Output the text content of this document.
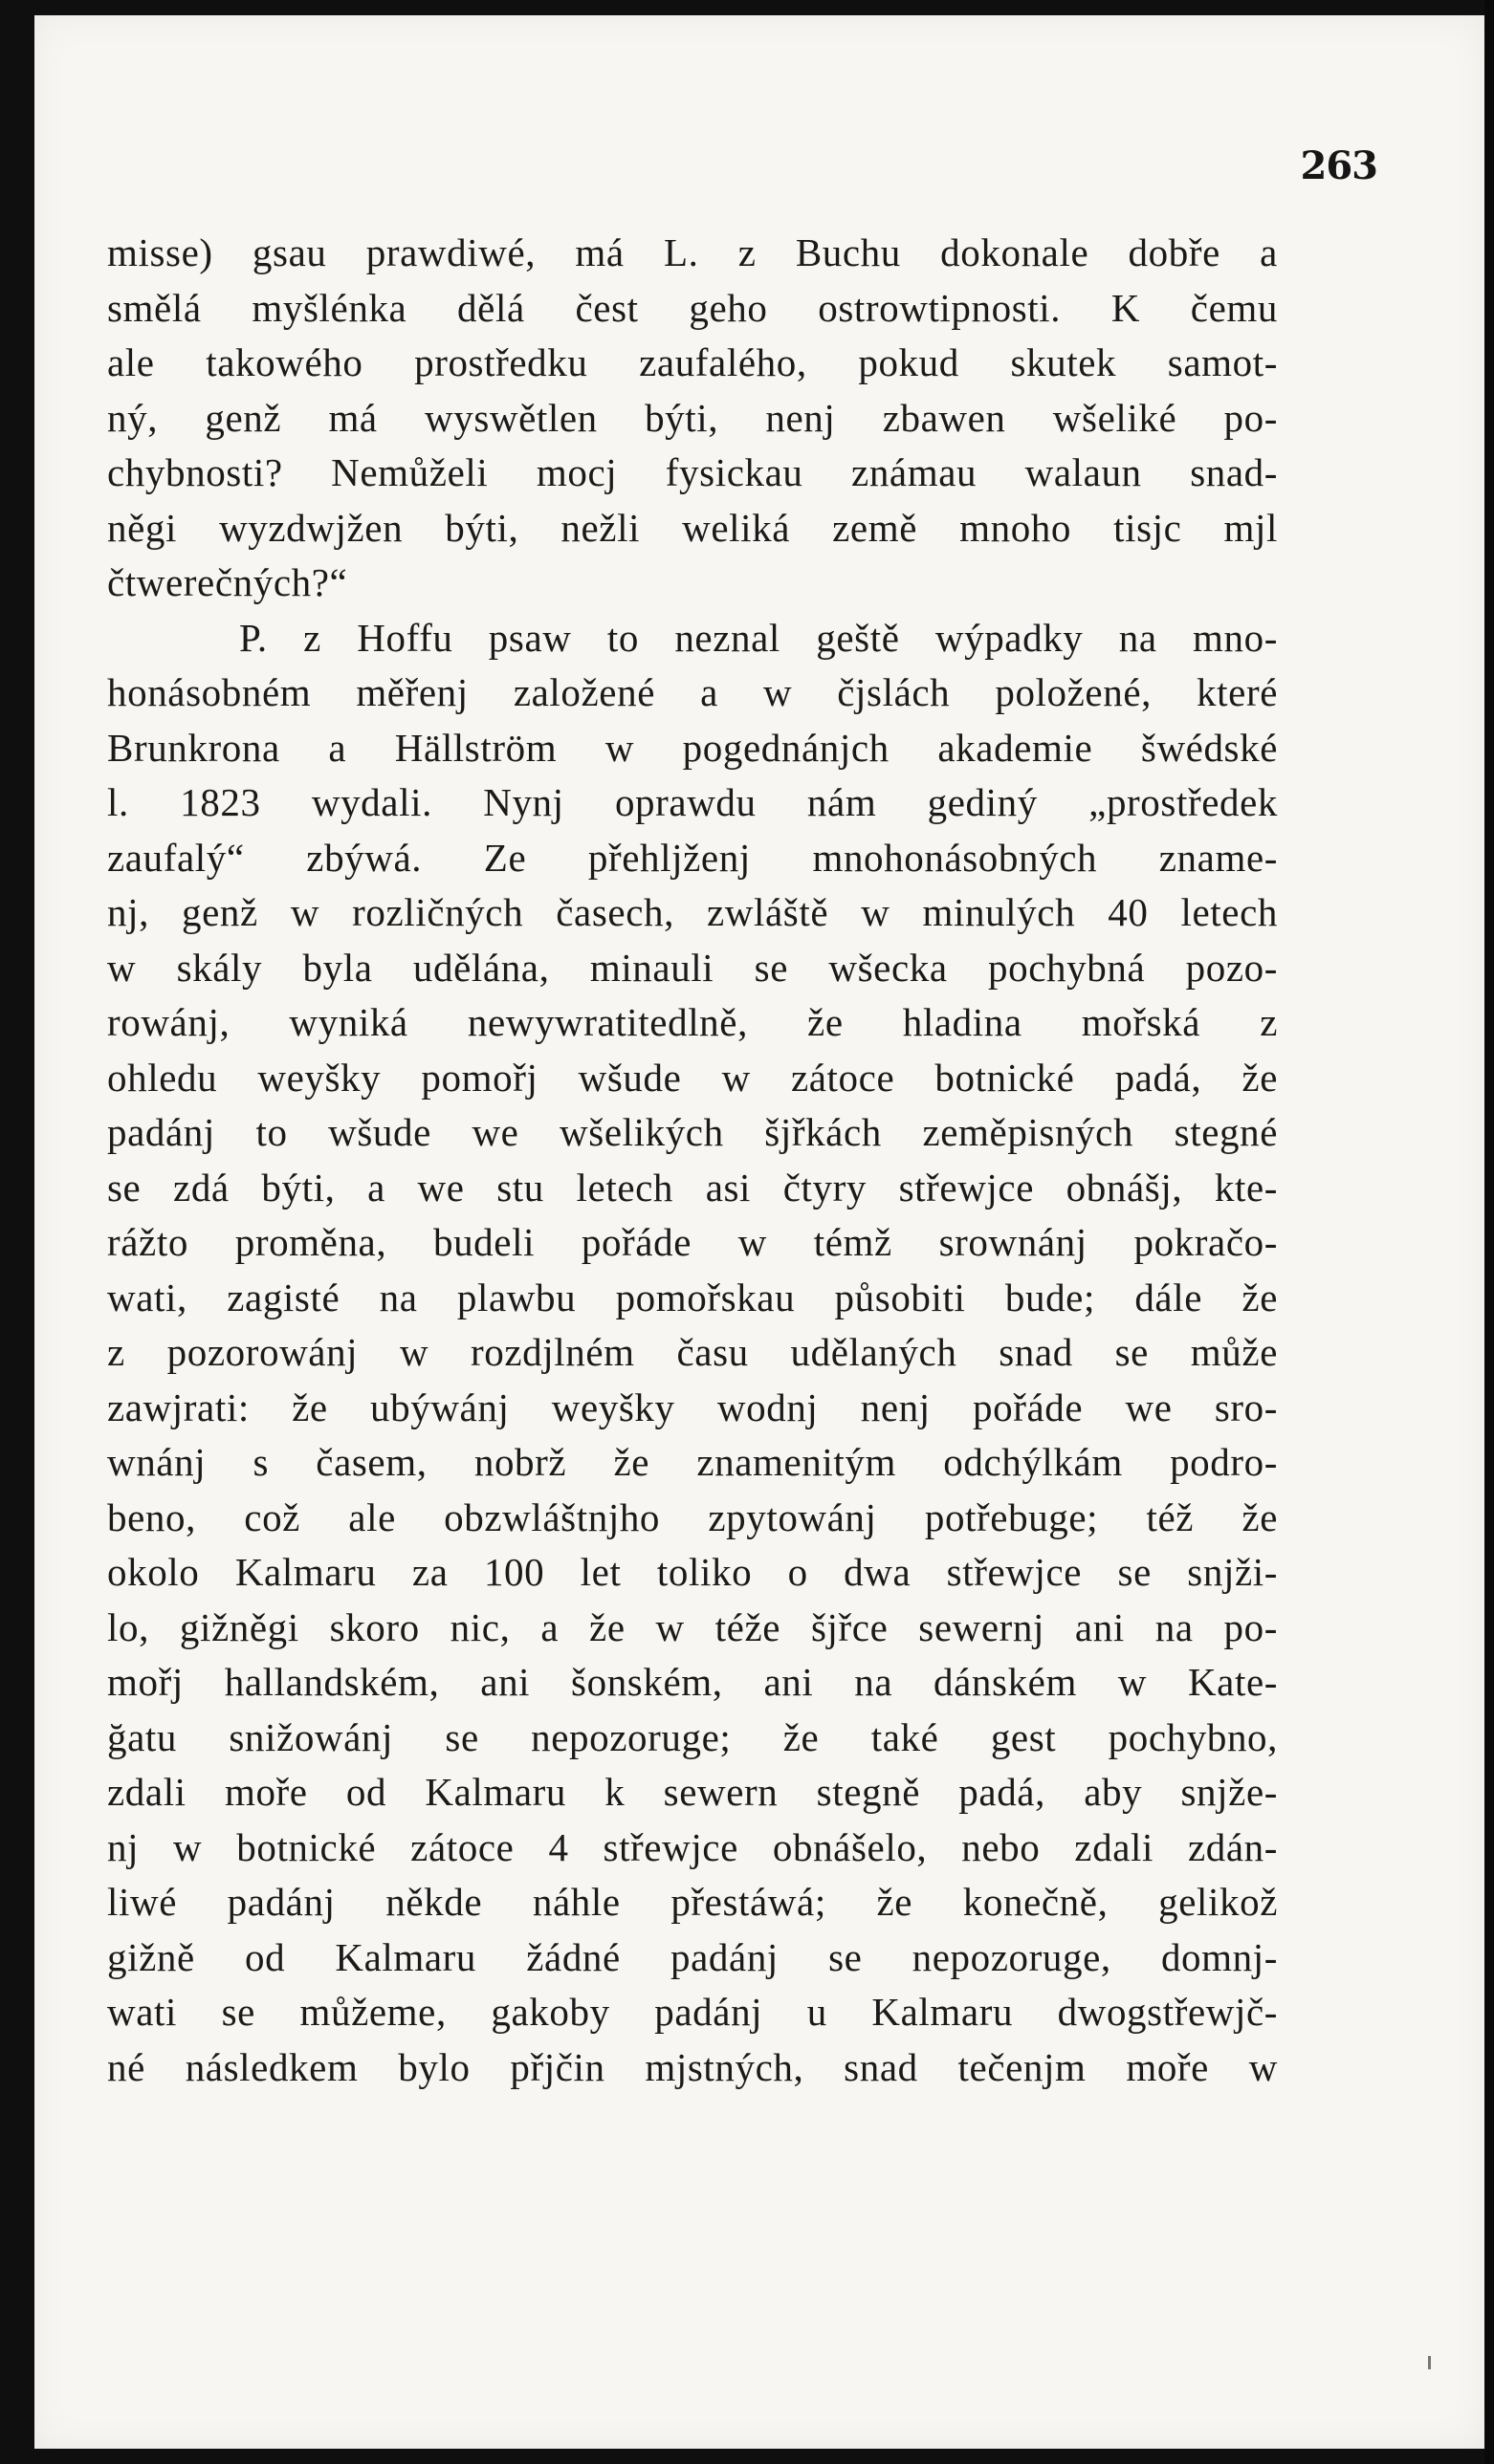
263
misse) gsau prawdiwé, má L. z Buchu dokonale dobře a
smělá myšlénka dělá čest geho ostrowtipnosti. K čemu
ale takowého prostředku zaufalého, pokud skutek samot-
ný, genž má wyswětlen býti, nenj zbawen wšeliké po-
chybnosti? Nemůželi mocj fysickau známau walaun snad-
něgi wyzdwjžen býti, nežli weliká země mnoho tisjc mjl
čtwerečných?“
P. z Hoffu psaw to neznal geště wýpadky na mno-
honásobném měřenj založené a w čjslách položené, které
Brunkrona a Hällström w pogednánjch akademie šwédské
l. 1823 wydali. Nynj oprawdu nám gediný „prostředek
zaufalý“ zbýwá. Ze přehljženj mnohonásobných zname-
nj, genž w rozličných časech, zwláště w minulých 40 letech
w skály byla udělána, minauli se wšecka pochybná pozo-
rowánj, wyniká newywratitedlně, že hladina mořská z
ohledu weyšky pomořj wšude w zátoce botnické padá, že
padánj to wšude we wšelikých šjřkách zeměpisných stegné
se zdá býti, a we stu letech asi čtyry střewjce obnášj, kte-
rážto proměna, budeli pořáde w témž srownánj pokračo-
wati, zagisté na plawbu pomořskau působiti bude; dále že
z pozorowánj w rozdjlném času udělaných snad se může
zawjrati: že ubýwánj weyšky wodnj nenj pořáde we sro-
wnánj s časem, nobrž že znamenitým odchýlkám podro-
beno, což ale obzwláštnjho zpytowánj potřebuge; též že
okolo Kalmaru za 100 let toliko o dwa střewjce se snjži-
lo, gižněgi skoro nic, a že w téže šjřce sewernj ani na po-
mořj hallandském, ani šonském, ani na dánském w Kate-
ğatu snižowánj se nepozoruge; že také gest pochybno,
zdali moře od Kalmaru k sewern stegně padá, aby snjže-
nj w botnické zátoce 4 střewjce obnášelo, nebo zdali zdán-
liwé padánj někde náhle přestáwá; že konečně, gelikož
gižně od Kalmaru žádné padánj se nepozoruge, domnj-
wati se můžeme, gakoby padánj u Kalmaru dwogstřewjč-
né následkem bylo přjčin mjstných, snad tečenjm moře w
